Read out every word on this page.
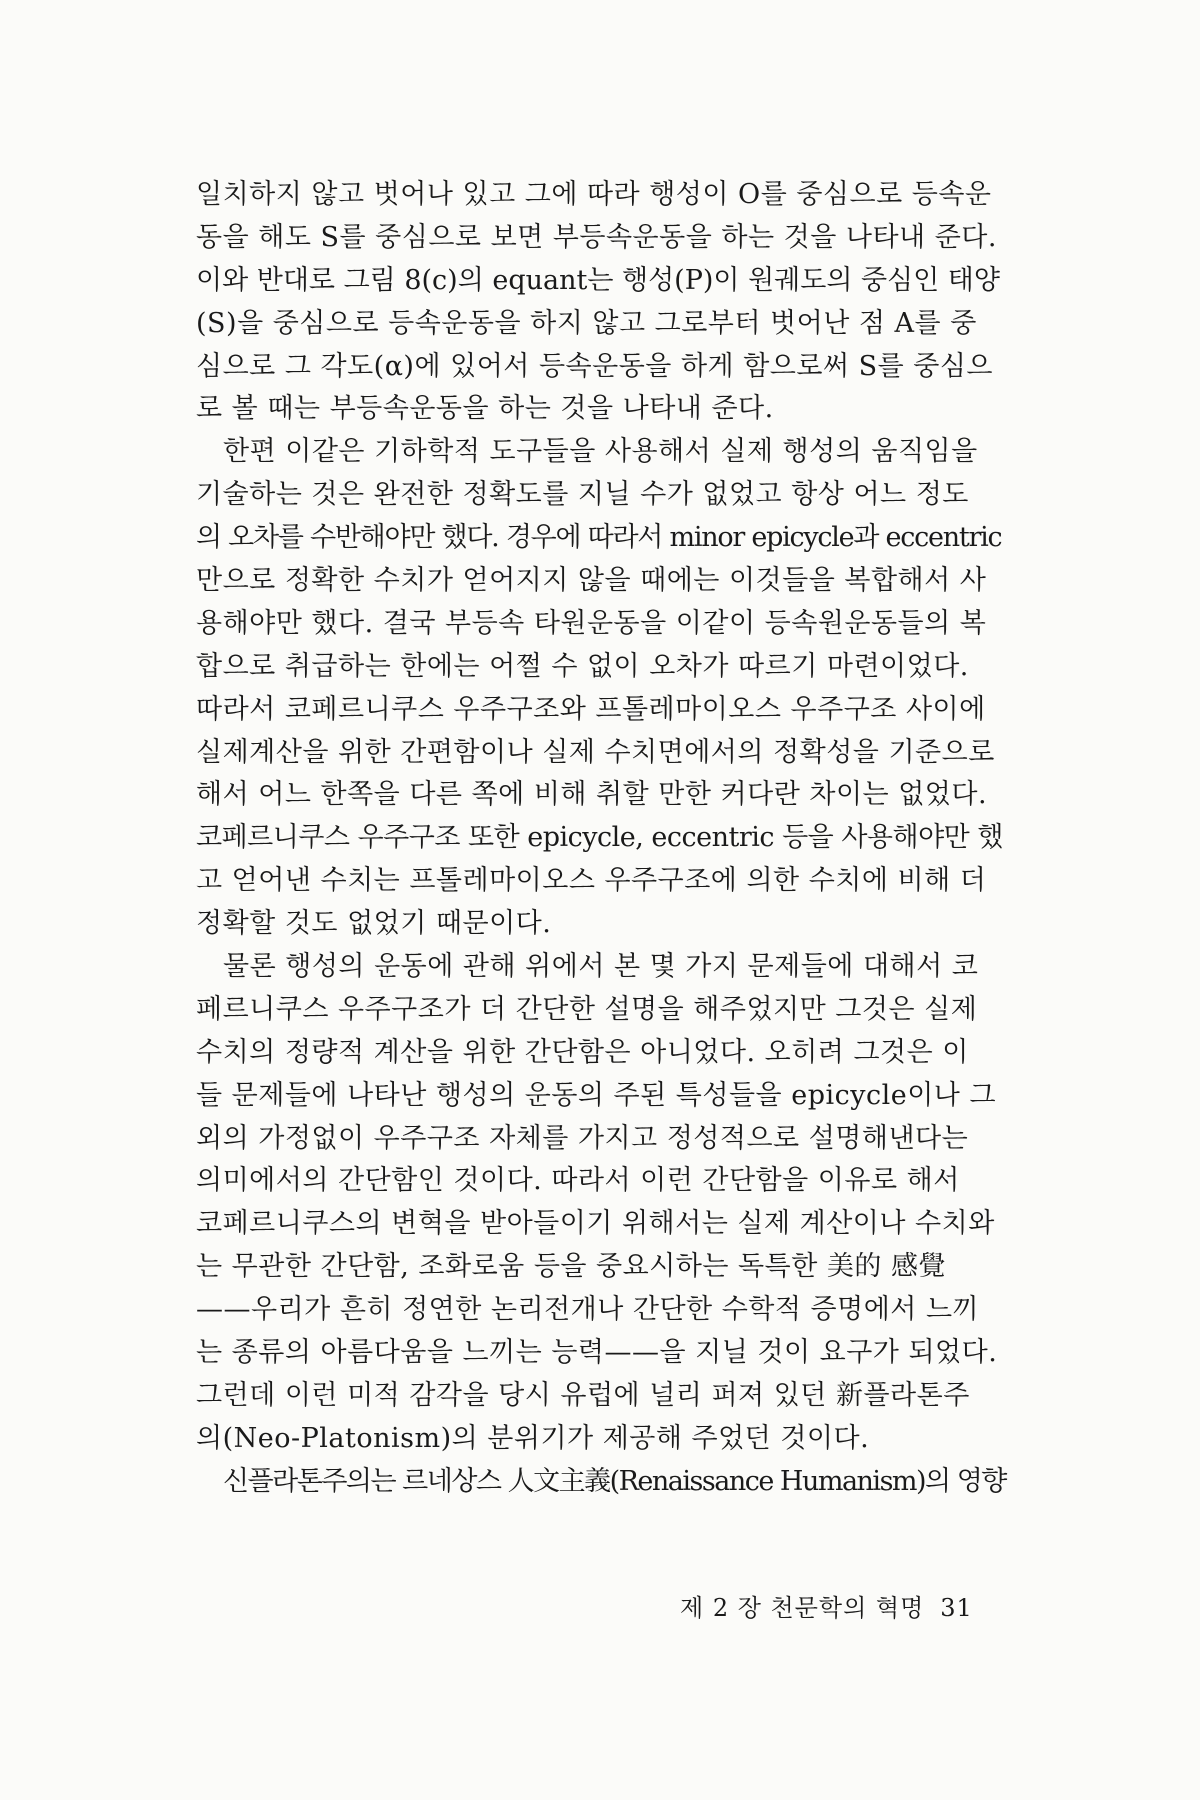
일치하지 않고 벗어나 있고 그에 따라 행성이 O를 중심으로 등속운
동을 해도 S를 중심으로 보면 부등속운동을 하는 것을 나타내 준다.
이와 반대로 그림 8(c)의 equant는 행성(P)이 원궤도의 중심인 태양
(S)을 중심으로 등속운동을 하지 않고 그로부터 벗어난 점 A를 중
심으로 그 각도(α)에 있어서 등속운동을 하게 함으로써 S를 중심으
로 볼 때는 부등속운동을 하는 것을 나타내 준다.
한편 이같은 기하학적 도구들을 사용해서 실제 행성의 움직임을
기술하는 것은 완전한 정확도를 지닐 수가 없었고 항상 어느 정도
의 오차를 수반해야만 했다. 경우에 따라서 minor epicycle과 eccentric
만으로 정확한 수치가 얻어지지 않을 때에는 이것들을 복합해서 사
용해야만 했다. 결국 부등속 타원운동을 이같이 등속원운동들의 복
합으로 취급하는 한에는 어쩔 수 없이 오차가 따르기 마련이었다.
따라서 코페르니쿠스 우주구조와 프톨레마이오스 우주구조 사이에
실제계산을 위한 간편함이나 실제 수치면에서의 정확성을 기준으로
해서 어느 한쪽을 다른 쪽에 비해 취할 만한 커다란 차이는 없었다.
코페르니쿠스 우주구조 또한 epicycle, eccentric 등을 사용해야만 했
고 얻어낸 수치는 프톨레마이오스 우주구조에 의한 수치에 비해 더
정확할 것도 없었기 때문이다.
물론 행성의 운동에 관해 위에서 본 몇 가지 문제들에 대해서 코
페르니쿠스 우주구조가 더 간단한 설명을 해주었지만 그것은 실제
수치의 정량적 계산을 위한 간단함은 아니었다. 오히려 그것은 이
들 문제들에 나타난 행성의 운동의 주된 특성들을 epicycle이나 그
외의 가정없이 우주구조 자체를 가지고 정성적으로 설명해낸다는
의미에서의 간단함인 것이다. 따라서 이런 간단함을 이유로 해서
코페르니쿠스의 변혁을 받아들이기 위해서는 실제 계산이나 수치와
는 무관한 간단함, 조화로움 등을 중요시하는 독특한 美的 感覺
——우리가 흔히 정연한 논리전개나 간단한 수학적 증명에서 느끼
는 종류의 아름다움을 느끼는 능력——을 지닐 것이 요구가 되었다.
그런데 이런 미적 감각을 당시 유럽에 널리 퍼져 있던 新플라톤주
의(Neo-Platonism)의 분위기가 제공해 주었던 것이다.
신플라톤주의는 르네상스 人文主義(Renaissance Humanism)의 영향
제 2 장 천문학의 혁명 31
